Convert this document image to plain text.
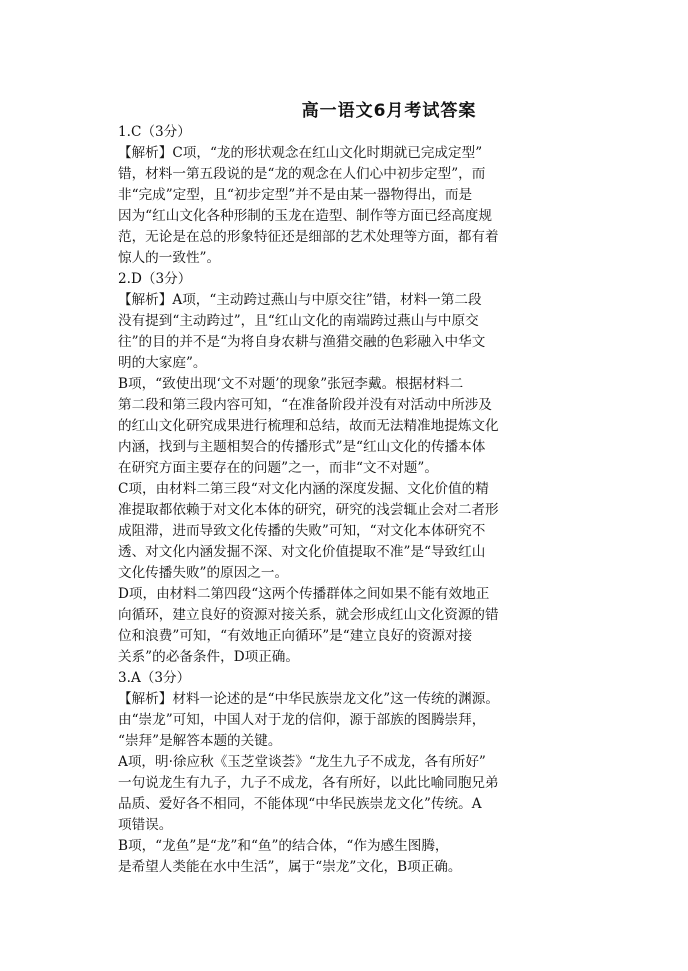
高一语文6月考试答案
1.C（3分）
【解析】C项，“龙的形状观念在红山文化时期就已完成定型”
错，材料一第五段说的是“龙的观念在人们心中初步定型”，而
非“完成”定型，且“初步定型”并不是由某一器物得出，而是
因为“红山文化各种形制的玉龙在造型、制作等方面已经高度规
范，无论是在总的形象特征还是细部的艺术处理等方面，都有着
惊人的一致性”。
2.D（3分）
【解析】A项，“主动跨过燕山与中原交往”错，材料一第二段
没有提到“主动跨过”，且“红山文化的南端跨过燕山与中原交
往”的目的并不是“为将自身农耕与渔猎交融的色彩融入中华文
明的大家庭”。
B项，“致使出现‘文不对题’的现象”张冠李戴。根据材料二
第二段和第三段内容可知，“在准备阶段并没有对活动中所涉及
的红山文化研究成果进行梳理和总结，故而无法精准地提炼文化
内涵，找到与主题相契合的传播形式”是“红山文化的传播本体
在研究方面主要存在的问题”之一，而非“文不对题”。
C项，由材料二第三段“对文化内涵的深度发掘、文化价值的精
准提取都依赖于对文化本体的研究，研究的浅尝辄止会对二者形
成阻滞，进而导致文化传播的失败”可知，“对文化本体研究不
透、对文化内涵发掘不深、对文化价值提取不准”是“导致红山
文化传播失败”的原因之一。
D项，由材料二第四段“这两个传播群体之间如果不能有效地正
向循环，建立良好的资源对接关系，就会形成红山文化资源的错
位和浪费”可知，“有效地正向循环”是“建立良好的资源对接
关系”的必备条件，D项正确。
3.A（3分）
【解析】材料一论述的是“中华民族崇龙文化”这一传统的渊源。
由“崇龙”可知，中国人对于龙的信仰，源于部族的图腾崇拜，
“崇拜”是解答本题的关键。
A项，明·徐应秋《玉芝堂谈荟》“龙生九子不成龙，各有所好”
一句说龙生有九子，九子不成龙，各有所好，以此比喻同胞兄弟
品质、爱好各不相同，不能体现“中华民族崇龙文化”传统。A
项错误。
B项，“龙鱼”是“龙”和“鱼”的结合体，“作为感生图腾，
是希望人类能在水中生活”，属于“崇龙”文化，B项正确。
